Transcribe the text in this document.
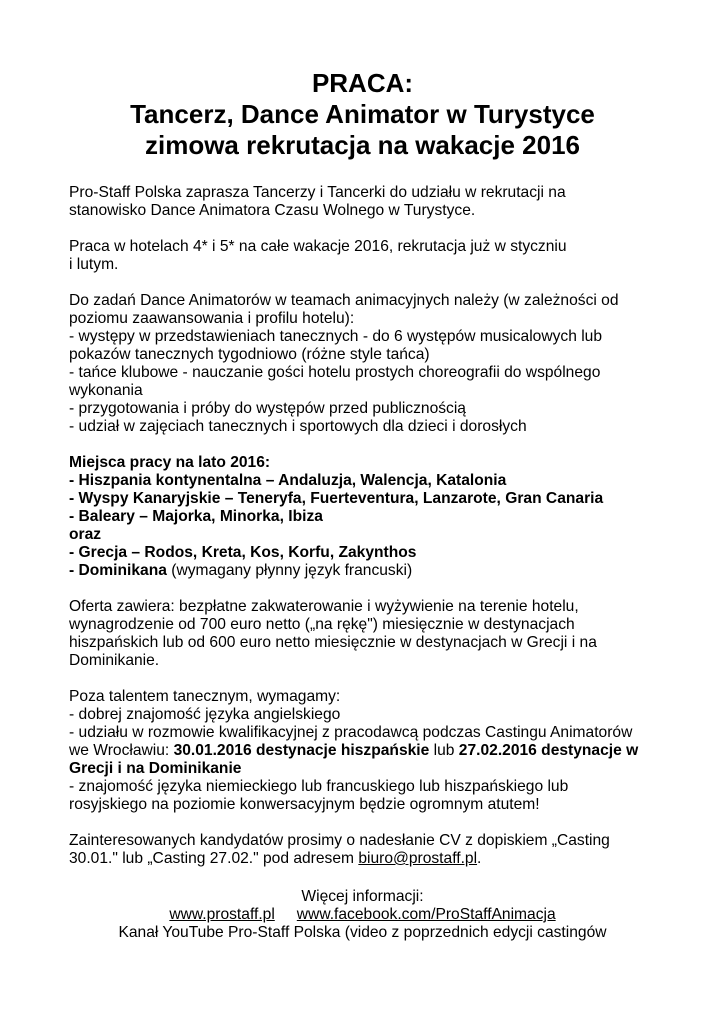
PRACA:
Tancerz, Dance Animator w Turystyce
zimowa rekrutacja na wakacje 2016
Pro-Staff Polska zaprasza Tancerzy i Tancerki do udziału w rekrutacji na
stanowisko Dance Animatora Czasu Wolnego w Turystyce.
Praca w hotelach 4* i 5* na całe wakacje 2016, rekrutacja już w styczniu
i lutym.
Do zadań Dance Animatorów w teamach animacyjnych należy (w zależności od
poziomu zaawansowania i profilu hotelu):
- występy w przedstawieniach tanecznych - do 6 występów musicalowych lub
pokazów tanecznych tygodniowo (różne style tańca)
- tańce klubowe - nauczanie gości hotelu prostych choreografii do wspólnego
wykonania
- przygotowania i próby do występów przed publicznością
- udział w zajęciach tanecznych i sportowych dla dzieci i dorosłych
Miejsca pracy na lato 2016:
- Hiszpania kontynentalna – Andaluzja, Walencja, Katalonia
- Wyspy Kanaryjskie – Teneryfa, Fuerteventura, Lanzarote, Gran Canaria
- Baleary – Majorka, Minorka, Ibiza
oraz
- Grecja – Rodos, Kreta, Kos, Korfu, Zakynthos
- Dominikana (wymagany płynny język francuski)
Oferta zawiera: bezpłatne zakwaterowanie i wyżywienie na terenie hotelu,
wynagrodzenie od 700 euro netto („na rękę") miesięcznie w destynacjach
hiszpańskich lub od 600 euro netto miesięcznie w destynacjach w Grecji i na
Dominikanie.
Poza talentem tanecznym, wymagamy:
- dobrej znajomość języka angielskiego
- udziału w rozmowie kwalifikacyjnej z pracodawcą podczas Castingu Animatorów
we Wrocławiu: 30.01.2016 destynacje hiszpańskie lub 27.02.2016 destynacje w
Grecji i na Dominikanie
- znajomość języka niemieckiego lub francuskiego lub hiszpańskiego lub
rosyjskiego na poziomie konwersacyjnym będzie ogromnym atutem!
Zainteresowanych kandydatów prosimy o nadesłanie CV z dopiskiem „Casting
30.01." lub „Casting 27.02." pod adresem biuro@prostaff.pl.
Więcej informacji:
www.prostaff.pl www.facebook.com/ProStaffAnimacja
Kanał YouTube Pro-Staff Polska (video z poprzednich edycji castingów
